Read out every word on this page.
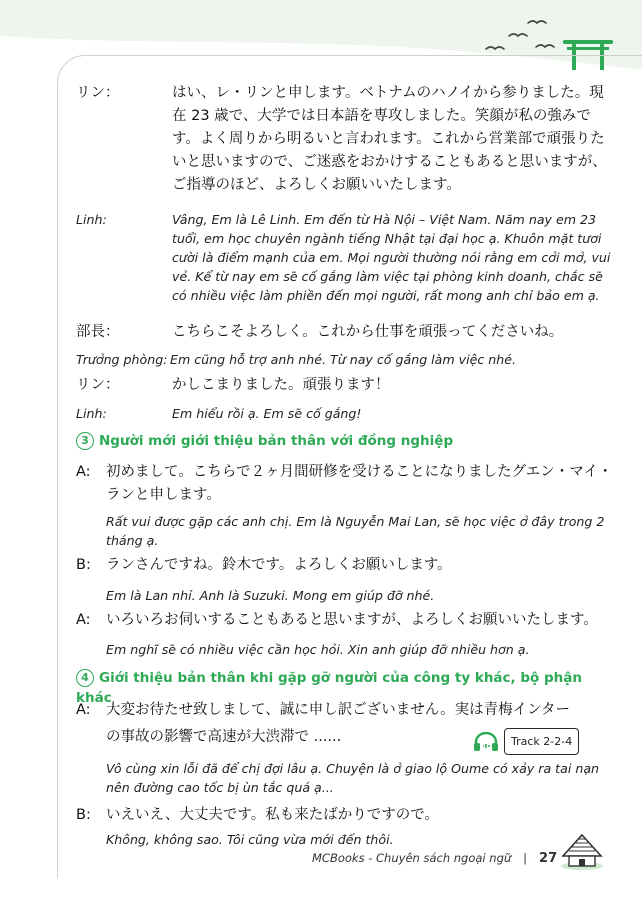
リン：	はい、レ・リンと申します。ベトナムのハノイから参りました。現在 23 歳で、大学では日本語を専攻しました。笑顔が私の強みです。よく周りから明るいと言われます。これから営業部で頑張りたいと思いますので、ご迷惑をおかけすることもあると思いますが、ご指導のほど、よろしくお願いいたします。
Linh:	Vâng, Em là Lê Linh. Em đến từ Hà Nội – Việt Nam. Năm nay em 23 tuổi, em học chuyên ngành tiếng Nhật tại đại học ạ. Khuôn mặt tươi cười là điểm mạnh của em. Mọi người thường nói rằng em cởi mở, vui vẻ. Kể từ nay em sẽ cố gắng làm việc tại phòng kinh doanh, chắc sẽ có nhiều việc làm phiền đến mọi người, rất mong anh chỉ bảo em ạ.
部長：	こちらこそよろしく。これから仕事を頑張ってくださいね。
Trưởng phòng: Em cũng hỗ trợ anh nhé. Từ nay cố gắng làm việc nhé.
リン：	かしこまりました。頑張ります！
Linh:	Em hiểu rồi ạ. Em sẽ cố gắng!
3 Người mới giới thiệu bản thân với đồng nghiệp
A: 初めまして。こちらで２ヶ月間研修を受けることになりましたグエン・マイ・ランと申します。
Rất vui được gặp các anh chị. Em là Nguyễn Mai Lan, sẽ học việc ở đây trong 2 tháng ạ.
B: ランさんですね。鈴木です。よろしくお願いします。
Em là Lan nhỉ. Anh là Suzuki. Mong em giúp đỡ nhé.
A: いろいろお伺いすることもあると思いますが、よろしくお願いいたします。
Em nghĩ sẽ có nhiều việc cần học hỏi. Xin anh giúp đỡ nhiều hơn ạ.
4 Giới thiệu bản thân khi gặp gỡ người của công ty khác, bộ phận khác
A: 大変お待たせ致しまして、誠に申し訳ございません。実は青梅インター
の事故の影響で高速が大渋滞で ......	Track 2-2-4
Vô cùng xin lỗi đã để chị đợi lâu ạ. Chuyện là ở giao lộ Oume có xảy ra tai nạn nên đường cao tốc bị ùn tắc quá ạ...
B: いえいえ、大丈夫です。私も来たばかりですので。
Không, không sao. Tôi cũng vừa mới đến thôi.
MCBooks - Chuyên sách ngoại ngữ | 27
